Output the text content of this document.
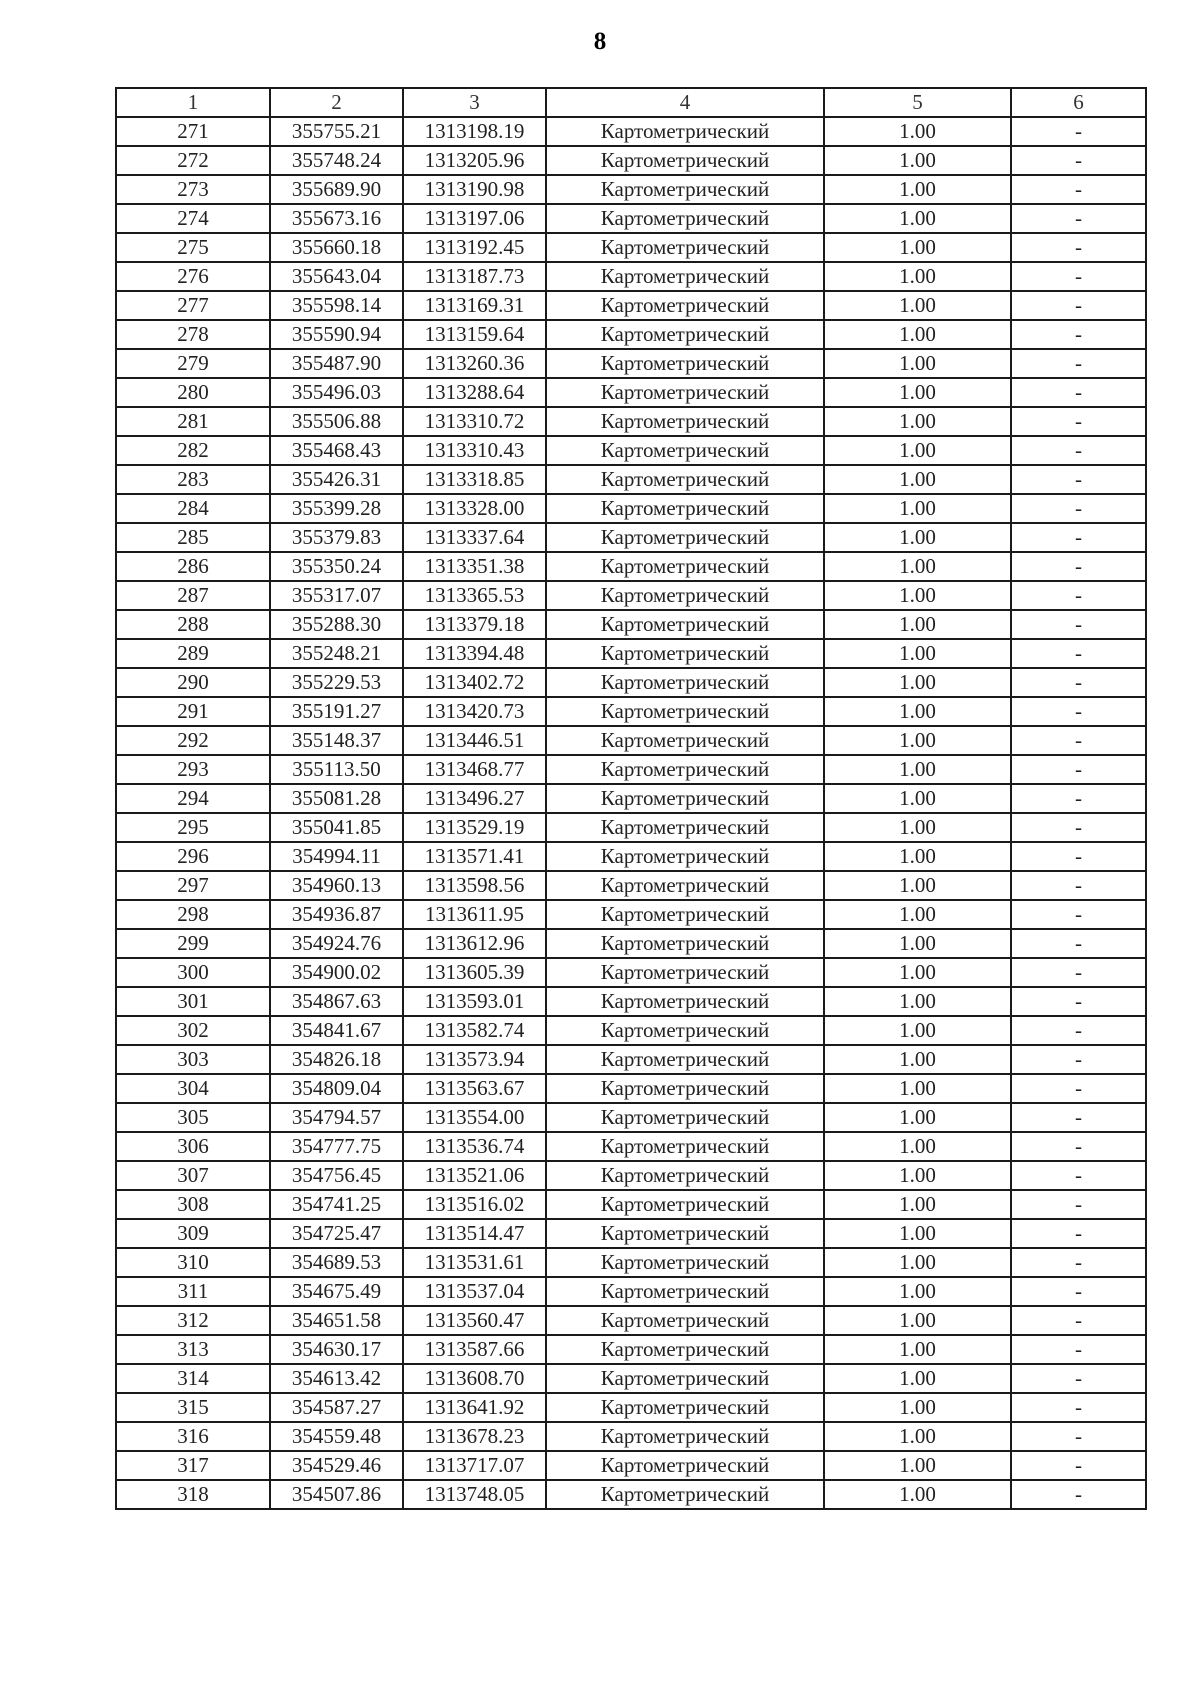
8
1	2	3	4	5	6
271	355755.21	1313198.19	Картометрический	1.00	-
272	355748.24	1313205.96	Картометрический	1.00	-
273	355689.90	1313190.98	Картометрический	1.00	-
274	355673.16	1313197.06	Картометрический	1.00	-
275	355660.18	1313192.45	Картометрический	1.00	-
276	355643.04	1313187.73	Картометрический	1.00	-
277	355598.14	1313169.31	Картометрический	1.00	-
278	355590.94	1313159.64	Картометрический	1.00	-
279	355487.90	1313260.36	Картометрический	1.00	-
280	355496.03	1313288.64	Картометрический	1.00	-
281	355506.88	1313310.72	Картометрический	1.00	-
282	355468.43	1313310.43	Картометрический	1.00	-
283	355426.31	1313318.85	Картометрический	1.00	-
284	355399.28	1313328.00	Картометрический	1.00	-
285	355379.83	1313337.64	Картометрический	1.00	-
286	355350.24	1313351.38	Картометрический	1.00	-
287	355317.07	1313365.53	Картометрический	1.00	-
288	355288.30	1313379.18	Картометрический	1.00	-
289	355248.21	1313394.48	Картометрический	1.00	-
290	355229.53	1313402.72	Картометрический	1.00	-
291	355191.27	1313420.73	Картометрический	1.00	-
292	355148.37	1313446.51	Картометрический	1.00	-
293	355113.50	1313468.77	Картометрический	1.00	-
294	355081.28	1313496.27	Картометрический	1.00	-
295	355041.85	1313529.19	Картометрический	1.00	-
296	354994.11	1313571.41	Картометрический	1.00	-
297	354960.13	1313598.56	Картометрический	1.00	-
298	354936.87	1313611.95	Картометрический	1.00	-
299	354924.76	1313612.96	Картометрический	1.00	-
300	354900.02	1313605.39	Картометрический	1.00	-
301	354867.63	1313593.01	Картометрический	1.00	-
302	354841.67	1313582.74	Картометрический	1.00	-
303	354826.18	1313573.94	Картометрический	1.00	-
304	354809.04	1313563.67	Картометрический	1.00	-
305	354794.57	1313554.00	Картометрический	1.00	-
306	354777.75	1313536.74	Картометрический	1.00	-
307	354756.45	1313521.06	Картометрический	1.00	-
308	354741.25	1313516.02	Картометрический	1.00	-
309	354725.47	1313514.47	Картометрический	1.00	-
310	354689.53	1313531.61	Картометрический	1.00	-
311	354675.49	1313537.04	Картометрический	1.00	-
312	354651.58	1313560.47	Картометрический	1.00	-
313	354630.17	1313587.66	Картометрический	1.00	-
314	354613.42	1313608.70	Картометрический	1.00	-
315	354587.27	1313641.92	Картометрический	1.00	-
316	354559.48	1313678.23	Картометрический	1.00	-
317	354529.46	1313717.07	Картометрический	1.00	-
318	354507.86	1313748.05	Картометрический	1.00	-
